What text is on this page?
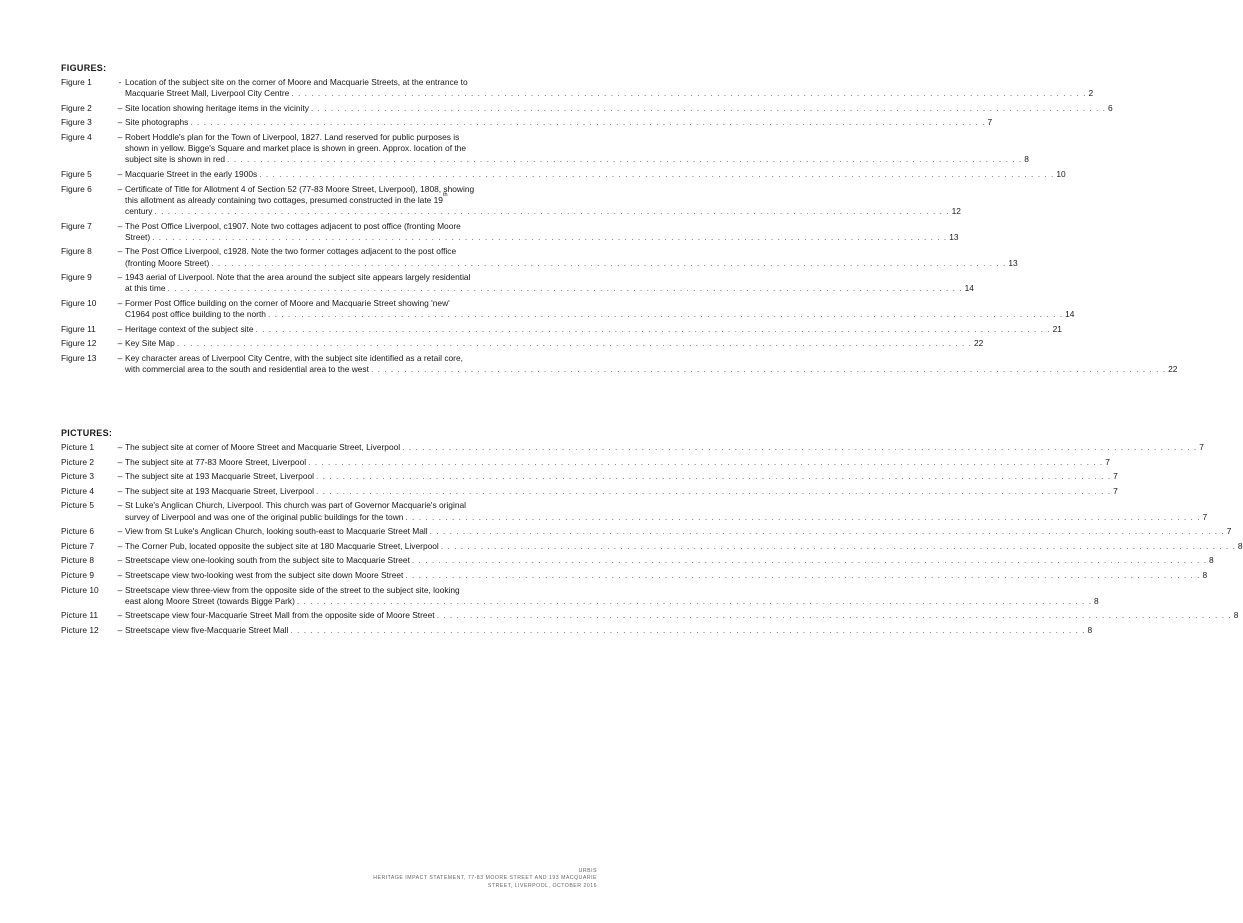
FIGURES:
Figure 1	- Location of the subject site on the corner of Moore and Macquarie Streets, at the entrance to
Macquarie Street Mall, Liverpool City Centre . . . . . . . . . . . . . . . . . . . . . . . . . . . . . . . . . . . . . . . . . . . . . . . . . . . . . . . . . . . . . . . . . . . . . . . . . . . . . . . . . . . . . . . . . . . . . . . . . . . . . . . . . . . . . . . . . . . . . . . . 2
Figure 2	– Site location showing heritage items in the vicinity . . . . . . . . . . . . . . . . . . . . . . . . . . . . . . . . . . . . . . . . . . . . . . . . . . . . . . . . . . . . . . . . . . . . . . . . . . . . . . . . . . . . . . . . . . . . . . . . . . . . . . . . . . . . . . . . . . . . . . . . 6
Figure 3	– Site photographs . . . . . . . . . . . . . . . . . . . . . . . . . . . . . . . . . . . . . . . . . . . . . . . . . . . . . . . . . . . . . . . . . . . . . . . . . . . . . . . . . . . . . . . . . . . . . . . . . . . . . . . . . . . . . . . . . . . . . . . . 7
Figure 4	– Robert Hoddle's plan for the Town of Liverpool, 1827. Land reserved for public purposes is
shown in yellow. Bigge's Square and market place is shown in green. Approx. location of the
subject site is shown in red . . . . . . . . . . . . . . . . . . . . . . . . . . . . . . . . . . . . . . . . . . . . . . . . . . . . . . . . . . . . . . . . . . . . . . . . . . . . . . . . . . . . . . . . . . . . . . . . . . . . . . . . . . . . . . . . . . . . . . . . 8
Figure 5	– Macquarie Street in the early 1900s . . . . . . . . . . . . . . . . . . . . . . . . . . . . . . . . . . . . . . . . . . . . . . . . . . . . . . . . . . . . . . . . . . . . . . . . . . . . . . . . . . . . . . . . . . . . . . . . . . . . . . . . . . . . . . . . . . . . . . . . 10
Figure 6	– Certificate of Title for Allotment 4 of Section 52 (77-83 Moore Street, Liverpool), 1808, showing
this allotment as already containing two cottages, presumed constructed in the late 19 th
century . . . . . . . . . . . . . . . . . . . . . . . . . . . . . . . . . . . . . . . . . . . . . . . . . . . . . . . . . . . . . . . . . . . . . . . . . . . . . . . . . . . . . . . . . . . . . . . . . . . . . . . . . . . . . . . . . . . . . . . . 12
Figure 7	– The Post Office Liverpool, c1907. Note two cottages adjacent to post office (fronting Moore
Street) . . . . . . . . . . . . . . . . . . . . . . . . . . . . . . . . . . . . . . . . . . . . . . . . . . . . . . . . . . . . . . . . . . . . . . . . . . . . . . . . . . . . . . . . . . . . . . . . . . . . . . . . . . . . . . . . . . . . . . . . 13
Figure 8	– The Post Office Liverpool, c1928. Note the two former cottages adjacent to the post office
(fronting Moore Street) . . . . . . . . . . . . . . . . . . . . . . . . . . . . . . . . . . . . . . . . . . . . . . . . . . . . . . . . . . . . . . . . . . . . . . . . . . . . . . . . . . . . . . . . . . . . . . . . . . . . . . . . . . . . . . . . . . . . . . . . 13
Figure 9	– 1943 aerial of Liverpool. Note that the area around the subject site appears largely residential
at this time . . . . . . . . . . . . . . . . . . . . . . . . . . . . . . . . . . . . . . . . . . . . . . . . . . . . . . . . . . . . . . . . . . . . . . . . . . . . . . . . . . . . . . . . . . . . . . . . . . . . . . . . . . . . . . . . . . . . . . . . 14
Figure 10	– Former Post Office building on the corner of Moore and Macquarie Street showing 'new'
C1964 post office building to the north . . . . . . . . . . . . . . . . . . . . . . . . . . . . . . . . . . . . . . . . . . . . . . . . . . . . . . . . . . . . . . . . . . . . . . . . . . . . . . . . . . . . . . . . . . . . . . . . . . . . . . . . . . . . . . . . . . . . . . . . 14
Figure 11	– Heritage context of the subject site . . . . . . . . . . . . . . . . . . . . . . . . . . . . . . . . . . . . . . . . . . . . . . . . . . . . . . . . . . . . . . . . . . . . . . . . . . . . . . . . . . . . . . . . . . . . . . . . . . . . . . . . . . . . . . . . . . . . . . . . 21
Figure 12	– Key Site Map . . . . . . . . . . . . . . . . . . . . . . . . . . . . . . . . . . . . . . . . . . . . . . . . . . . . . . . . . . . . . . . . . . . . . . . . . . . . . . . . . . . . . . . . . . . . . . . . . . . . . . . . . . . . . . . . . . . . . . . . 22
Figure 13	– Key character areas of Liverpool City Centre, with the subject site identified as a retail core,
with commercial area to the south and residential area to the west . . . . . . . . . . . . . . . . . . . . . . . . . . . . . . . . . . . . . . . . . . . . . . . . . . . . . . . . . . . . . . . . . . . . . . . . . . . . . . . . . . . . . . . . . . . . . . . . . . . . . . . . . . . . . . . . . . . . . . . . 22
PICTURES:
Picture 1	– The subject site at corner of Moore Street and Macquarie Street, Liverpool . . . . . . . . . . . . . . . . . . . . . . . . . . . . . . . . . . . . . . . . . . . . . . . . . . . . . . . . . . . . . . . . . . . . . . . . . . . . . . . . . . . . . . . . . . . . . . . . . . . . . . . . . . . . . . . . . . . . . . . . 7
Picture 2	– The subject site at 77-83 Moore Street, Liverpool . . . . . . . . . . . . . . . . . . . . . . . . . . . . . . . . . . . . . . . . . . . . . . . . . . . . . . . . . . . . . . . . . . . . . . . . . . . . . . . . . . . . . . . . . . . . . . . . . . . . . . . . . . . . . . . . . . . . . . . . 7
Picture 3	– The subject site at 193 Macquarie Street, Liverpool . . . . . . . . . . . . . . . . . . . . . . . . . . . . . . . . . . . . . . . . . . . . . . . . . . . . . . . . . . . . . . . . . . . . . . . . . . . . . . . . . . . . . . . . . . . . . . . . . . . . . . . . . . . . . . . . . . . . . . . . 7
Picture 4	– The subject site at 193 Macquarie Street, Liverpool . . . . . . . . . . . . . . . . . . . . . . . . . . . . . . . . . . . . . . . . . . . . . . . . . . . . . . . . . . . . . . . . . . . . . . . . . . . . . . . . . . . . . . . . . . . . . . . . . . . . . . . . . . . . . . . . . . . . . . . . 7
Picture 5	– St Luke's Anglican Church, Liverpool. This church was part of Governor Macquarie's original
survey of Liverpool and was one of the original public buildings for the town . . . . . . . . . . . . . . . . . . . . . . . . . . . . . . . . . . . . . . . . . . . . . . . . . . . . . . . . . . . . . . . . . . . . . . . . . . . . . . . . . . . . . . . . . . . . . . . . . . . . . . . . . . . . . . . . . . . . . . . . 7
Picture 6	– View from St Luke's Anglican Church, looking south-east to Macquarie Street Mall . . . . . . . . . . . . . . . . . . . . . . . . . . . . . . . . . . . . . . . . . . . . . . . . . . . . . . . . . . . . . . . . . . . . . . . . . . . . . . . . . . . . . . . . . . . . . . . . . . . . . . . . . . . . . . . . . . . . . . . . 7
Picture 7	– The Corner Pub, located opposite the subject site at 180 Macquarie Street, Liverpool . . . . . . . . . . . . . . . . . . . . . . . . . . . . . . . . . . . . . . . . . . . . . . . . . . . . . . . . . . . . . . . . . . . . . . . . . . . . . . . . . . . . . . . . . . . . . . . . . . . . . . . . . . . . . . . . . . . . . . . . 8
Picture 8	– Streetscape view one-looking south from the subject site to Macquarie Street . . . . . . . . . . . . . . . . . . . . . . . . . . . . . . . . . . . . . . . . . . . . . . . . . . . . . . . . . . . . . . . . . . . . . . . . . . . . . . . . . . . . . . . . . . . . . . . . . . . . . . . . . . . . . . . . . . . . . . . . 8
Picture 9	– Streetscape view two-looking west from the subject site down Moore Street . . . . . . . . . . . . . . . . . . . . . . . . . . . . . . . . . . . . . . . . . . . . . . . . . . . . . . . . . . . . . . . . . . . . . . . . . . . . . . . . . . . . . . . . . . . . . . . . . . . . . . . . . . . . . . . . . . . . . . . . 8
Picture 10	– Streetscape view three-view from the opposite side of the street to the subject site, looking
east along Moore Street (towards Bigge Park) . . . . . . . . . . . . . . . . . . . . . . . . . . . . . . . . . . . . . . . . . . . . . . . . . . . . . . . . . . . . . . . . . . . . . . . . . . . . . . . . . . . . . . . . . . . . . . . . . . . . . . . . . . . . . . . . . . . . . . . . 8
Picture 11	– Streetscape view four-Macquarie Street Mall from the opposite side of Moore Street . . . . . . . . . . . . . . . . . . . . . . . . . . . . . . . . . . . . . . . . . . . . . . . . . . . . . . . . . . . . . . . . . . . . . . . . . . . . . . . . . . . . . . . . . . . . . . . . . . . . . . . . . . . . . . . . . . . . . . . . 8
Picture 12	– Streetscape view five-Macquarie Street Mall . . . . . . . . . . . . . . . . . . . . . . . . . . . . . . . . . . . . . . . . . . . . . . . . . . . . . . . . . . . . . . . . . . . . . . . . . . . . . . . . . . . . . . . . . . . . . . . . . . . . . . . . . . . . . . . . . . . . . . . . 8
URBIS
HERITAGE IMPACT STATEMENT, 77-83 MOORE STREET AND 193 MACQUARIE
STREET, LIVERPOOL, OCTOBER 2016
